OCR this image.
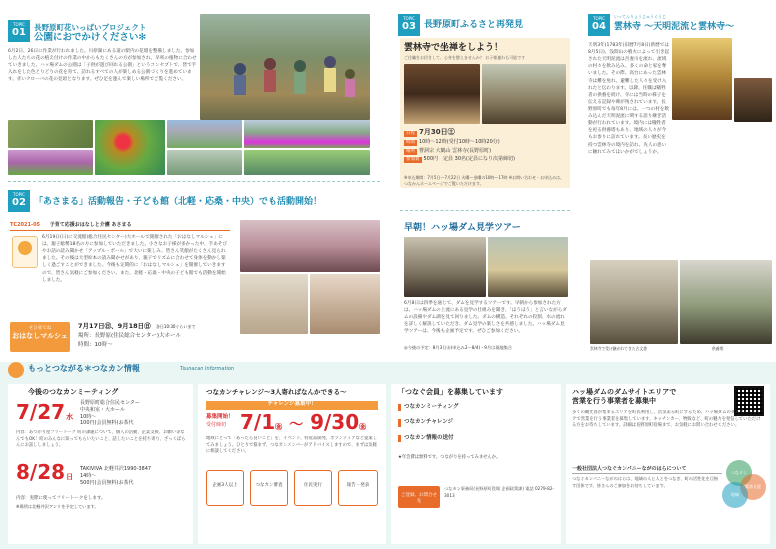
TOPIC
01	長野原町花いっぱいプロジェクト
公園におでかけください✻
6月2日、26日に作業が行われました。川原湖にある道の駅内の花壇を整備しました。参加した人たちの花の植え付けの作業の中からもたくさんの方が参加され、早咲の植物に合わせていきました。ハッ場ダムの公園は「子供が遊び回れる公園」というコンセプトで、皆で手入れをした色とりどりの花を育て、訪れるすべての人が楽しめる公園づくりを進めています。赤いクローバの花の見頃となります。ぜひ足を運んで楽しい場所でご覧ください。
TOPIC
02 「あさまる」活動報告・子ども館（北軽・応桑・中央）でも活動開始！
TC2021-05 子育て応援おはなしと介護 あさまる
6月19日(日)に交流館(総合住民センター)大ホールで開催された「おはなしマルシェ」には、親子総勢18名の方に参加していただきました。小さなお子様が多かった中、手あそびやお話の読み聞かせ「アップル・ボール」で大いに楽しみ、皆さん笑顔がたくさん見られました。その後は大型絵本の読み聞かせがあり、親子でリズムに合わせて身体を動かし楽しく過ごすことができました。今後も定期的に「おはなしマルシェ」を開催していきますので、皆さん気軽にご参加ください。また、北軽・応桑・中央の子ども館でも活動を開始しました。
せひ来てね
おはなしマルシェ
7月17日㊐、9月18日㊐ 各日10:30ぐらいまで
場所：長野原(住民総合センター)大ホール
時間：10時〜
TOPIC
03 長野原町ふるさと再発見
雲林寺で坐禅をしよう！
ご住職をお招きして、心身を整えませんか？ お子様連れも可能です
日程 7月30日㊏
時間 10時〜12時(受付10時〜10時20分)
場所 曹洞宗 大鶴山 雲林寺(長野原町)
参加費 500円　定員 30名(定員になり次第締切)
※申込期間：7月5日〜7月22日 火曜〜金曜の10時〜17時 ※お問い合わせ・お申込みは、つなかんホームページでご覧いただけます。
早朝！ハッ場ダム見学ツアー
6月8日は四季を通じて、ダムを見学するツアーです。早朝から参加された方は、ハッ場ダムの上流にある見学の仕組みを聞き、「ほうほう」と言いながらダムの設備やダム湖を見て回りました。ダムの構造、それぞれの役割、水の流れを詳しく解説していただき、ダム見学の楽しさを共感しました。ハッ場ダム見学ツアーは、今後も企画予定です。ぜひご参加ください。
◎今後の予定：8月3日㊌(申込み2〜8/4)・9月は現地集合
TOPIC
04
いってんりょうじゅうぐうじ
雲林寺 〜天明泥流と雲林寺〜
天明3年(1783年)旧暦7月8日(新暦では8月5日)、浅間山の噴火によって引き起された天明泥流は吾妻川を流れ、流域の村々を飲み込み、多くの命と家を奪いました。その際、高台にあった雲林寺は難を免れ、避難した人々を受け入れたと伝わります。以降、住職は犠牲者の供養を続け、寺には当時の様子を伝える記録や碑が残されています。長野原町でも毎年8月には、一つの村を飲み込んだ天明泥流に関する語り継ぎ活動が行われています。境内には犠牲者を祀る供養塔もあり、地域の人々が今もお参りに訪れています。長い歴史を持つ雲林寺の境内を訪れ、先人の思いに触れてみてはいかがでしょうか。
雲林寺で受け継がれてきた古文書	供養塔
もっとつながる＊つなカン情報	Tsunacan Information
今後のつなカンミーティング
7/27水
長野原町総合住民センター
中央和室・大ホール
10時〜
100円(会員無料)お茶代
内容：あつがり屋フリートーク 町の課題について、個人の活動、企業支援、お願い等なんでもOK！町のみんなに知ってもらいたいこと、話したいことを持ち寄り、ざっくばらんにお話ししましょう。
8/28日
TAKIVIVA 北軽井沢1990-3847
14時〜
500円(会員無料)お茶代
内容：実際に使ってフリートークをします。
※場所は北軽井沢アンリを予定しています。
つなカンチャレンジ〜3人寄ればなんかできる〜
チャレンジ募集中！
募集開始！
受付締切 7/1㊎ 〜 9/30㊎
地域にとって「あったら良いこと」を、イベント、特産品開発、ボランティアなど提案してみましょう。ひとりで悩まず、つなカンメンバーがアドバイスしますので、まずは気軽に相談してください。
企画3人以上	つなカン審査	住民実行	報告・発表
「つなぐ会員」を募集しています
つなカンミーティング
つなカンチャレンジ
つなカン情報の送付
★年会費は無料です。つながりを持ってみませんか。
ご登録、お問合せ先
つなカン事務局(長野原町役場 企画政策課) 電話 0279-82-3013
ハッ場ダムのダムサイトエリアで
営業を行う事業者を募集中
多くの観光客が集まるエリアを町民利用し、活気ある町にするため、ハッ場ダムのダムサイトエリアで営業を行う事業者を募集しています。キッチンカー、物販など、町の魅力を発信していただける方をお待ちしています。詳細は長野原町役場まで、お気軽にお問い合わせください。
一般社団法人つなぐカンパニーながのはらについて
つなぐカンパニーながのはらは、地域の人と人とをつなぎ、町の活性化を目指す団体です。皆さんのご参加をお待ちしています。
つなカン
集落支援
地域
